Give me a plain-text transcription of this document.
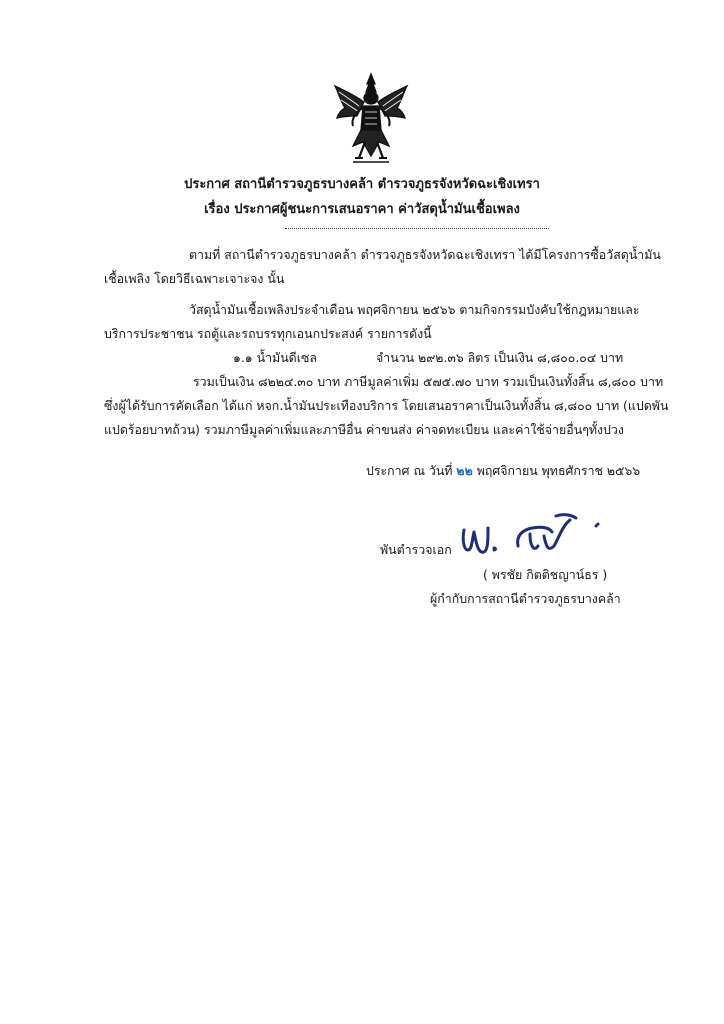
ประกาศ สถานีตำรวจภูธรบางคล้า ตำรวจภูธรจังหวัดฉะเชิงเทรา
เรื่อง ประกาศผู้ชนะการเสนอราคา ค่าวัสดุน้ำมันเชื้อเพลง
ตามที่ สถานีตำรวจภูธรบางคล้า ตำรวจภูธรจังหวัดฉะเชิงเทรา ได้มีโครงการซื้อวัสดุน้ำมัน
เชื้อเพลิง โดยวิธีเฉพาะเจาะจง นั้น
วัสดุน้ำมันเชื้อเพลิงประจำเดือน พฤศจิกายน ๒๕๖๖ ตามกิจกรรมบังคับใช้กฎหมายและ
บริการประชาชน รถตู้และรถบรรทุกเอนกประสงค์ รายการดังนี้
๑.๑ น้ำมันดีเซล	จำนวน ๒๙๒.๓๖ ลิตร เป็นเงิน ๘,๘๐๐.๐๔ บาท
รวมเป็นเงิน ๘๒๒๔.๓๐ บาท ภาษีมูลค่าเพิ่ม ๕๗๕.๗๐ บาท รวมเป็นเงินทั้งสิ้น ๘,๘๐๐ บาท
ซึ่งผู้ได้รับการคัดเลือก ได้แก่ หจก.น้ำมันประเทืองบริการ โดยเสนอราคาเป็นเงินทั้งสิ้น ๘,๘๐๐ บาท (แปดพัน
แปดร้อยบาทถ้วน) รวมภาษีมูลค่าเพิ่มและภาษีอื่น ค่าขนส่ง ค่าจดทะเบียน และค่าใช้จ่ายอื่นๆทั้งปวง
ประกาศ ณ วันที่ ๒๒ พฤศจิกายน พุทธศักราช ๒๕๖๖
พันตำรวจเอก
( พรชัย กิตติชญาน์ธร )
ผู้กำกับการสถานีตำรวจภูธรบางคล้า
